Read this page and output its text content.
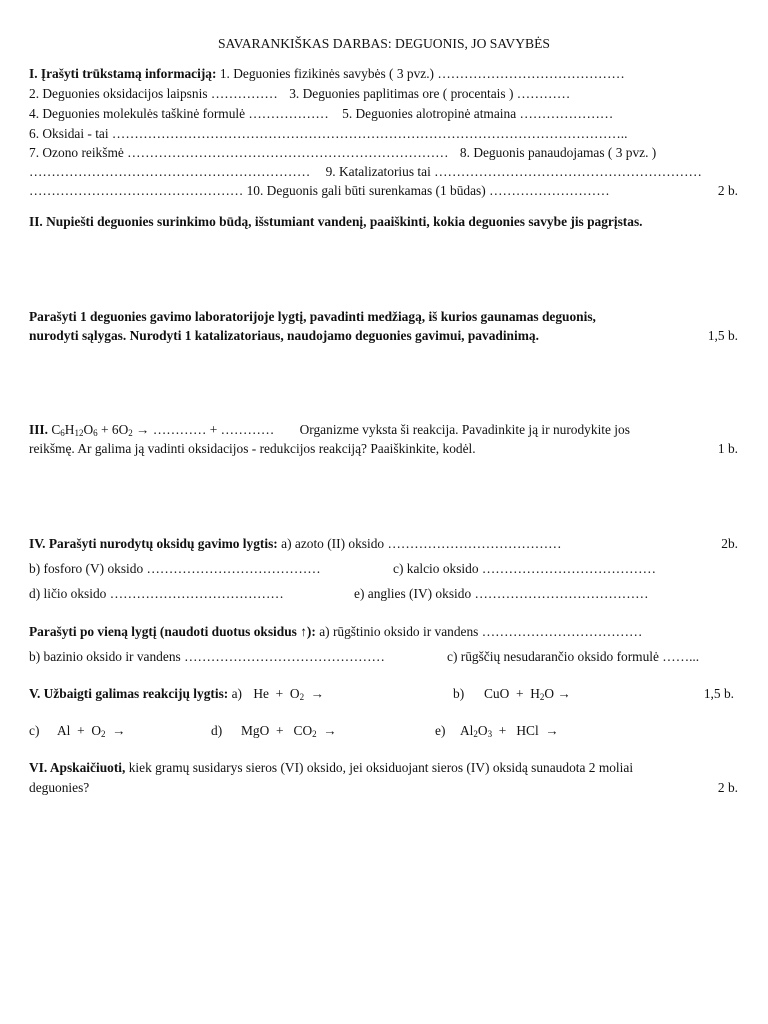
SAVARANKIŠKAS DARBAS: DEGUONIS, JO SAVYBĖS
I. Įrašyti trūkstamą informaciją: 1. Deguonies fizikinės savybės ( 3 pvz.) ……………………………………
2. Deguonies oksidacijos laipsnis …………… 3. Deguonies paplitimas ore ( procentais ) …………
4. Deguonies molekulės taškinė formulė ……………… 5. Deguonies alotropinė atmaina …………………
6. Oksidai - tai ……………………………………………………………………………………………………..
7. Ozono reikšmė ……………………………………………………………… 8. Deguonis panaudojamas ( 3 pvz. )
……………………………………………………… 9. Katalizatorius tai ……………………………………………………
………………………………………… 10. Deguonis gali būti surenkamas (1 būdas) ………………………	2 b.
II. Nupiešti deguonies surinkimo būdą, išstumiant vandenį, paaiškinti, kokia deguonies savybe jis pagrįstas.
Parašyti 1 deguonies gavimo laboratorijoje lygtį, pavadinti medžiagą, iš kurios gaunamas deguonis,
nurodyti sąlygas. Nurodyti 1 katalizatoriaus, naudojamo deguonies gavimui, pavadinimą.	1,5 b.
III. $C_6H_{12}O_6 + 6O_2$ → ………… + ………… Organizme vyksta ši reakcija. Pavadinkite ją ir nurodykite jos
reikšmę. Ar galima ją vadinti oksidacijos - redukcijos reakciją? Paaiškinkite, kodėl.	1 b.
IV. Parašyti nurodytų oksidų gavimo lygtis: a) azoto (II) oksido …………………………………	2b.
b) fosforo (V) oksido …………………………………	c) kalcio oksido …………………………………
d) ličio oksido …………………………………	e) anglies (IV) oksido …………………………………
Parašyti po vieną lygtį (naudoti duotus oksidus ↑): a) rūgštinio oksido ir vandens ………………………………
b) bazinio oksido ir vandens ………………………………………	c) rūgščių nesudarančio oksido formulė ……...
V. Užbaigti galimas reakcijų lygtis: a) $He + O_2$  →	b) CuO  +  $H_2O$ →	1,5 b.
c) $Al + O_2$  →	d) MgO  +   $CO_2$  →	e) $Al_2O_3$  +   HCl  →
VI. Apskaičiuoti, kiek gramų susidarys sieros (VI) oksido, jei oksiduojant sieros (IV) oksidą sunaudota 2 moliai
deguonies?	2 b.
